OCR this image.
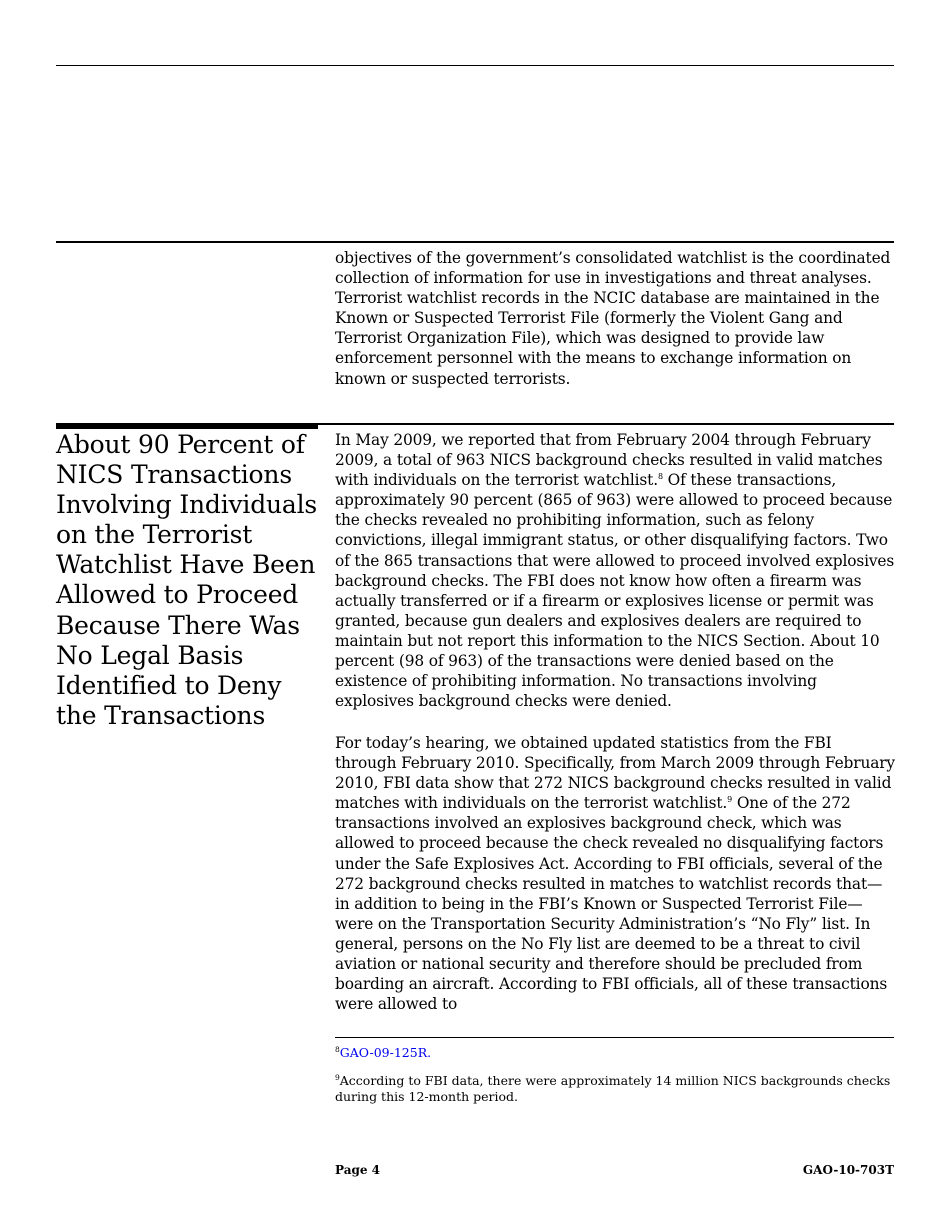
objectives of the government’s consolidated watchlist is the coordinated collection of information for use in investigations and threat analyses. Terrorist watchlist records in the NCIC database are maintained in the Known or Suspected Terrorist File (formerly the Violent Gang and Terrorist Organization File), which was designed to provide law enforcement personnel with the means to exchange information on known or suspected terrorists.

About 90 Percent of NICS Transactions Involving Individuals on the Terrorist Watchlist Have Been Allowed to Proceed Because There Was No Legal Basis Identified to Deny the Transactions

In May 2009, we reported that from February 2004 through February 2009, a total of 963 NICS background checks resulted in valid matches with individuals on the terrorist watchlist.$^8$ Of these transactions, approximately 90 percent (865 of 963) were allowed to proceed because the checks revealed no prohibiting information, such as felony convictions, illegal immigrant status, or other disqualifying factors. Two of the 865 transactions that were allowed to proceed involved explosives background checks. The FBI does not know how often a firearm was actually transferred or if a firearm or explosives license or permit was granted, because gun dealers and explosives dealers are required to maintain but not report this information to the NICS Section. About 10 percent (98 of 963) of the transactions were denied based on the existence of prohibiting information. No transactions involving explosives background checks were denied.

For today’s hearing, we obtained updated statistics from the FBI through February 2010. Specifically, from March 2009 through February 2010, FBI data show that 272 NICS background checks resulted in valid matches with individuals on the terrorist watchlist.$^9$ One of the 272 transactions involved an explosives background check, which was allowed to proceed because the check revealed no disqualifying factors under the Safe Explosives Act. According to FBI officials, several of the 272 background checks resulted in matches to watchlist records that—in addition to being in the FBI’s Known or Suspected Terrorist File—were on the Transportation Security Administration’s “No Fly” list. In general, persons on the No Fly list are deemed to be a threat to civil aviation or national security and therefore should be precluded from boarding an aircraft. According to FBI officials, all of these transactions were allowed to

$^8$GAO-09-125R.
$^9$According to FBI data, there were approximately 14 million NICS backgrounds checks during this 12-month period.
Page 4	GAO-10-703T
